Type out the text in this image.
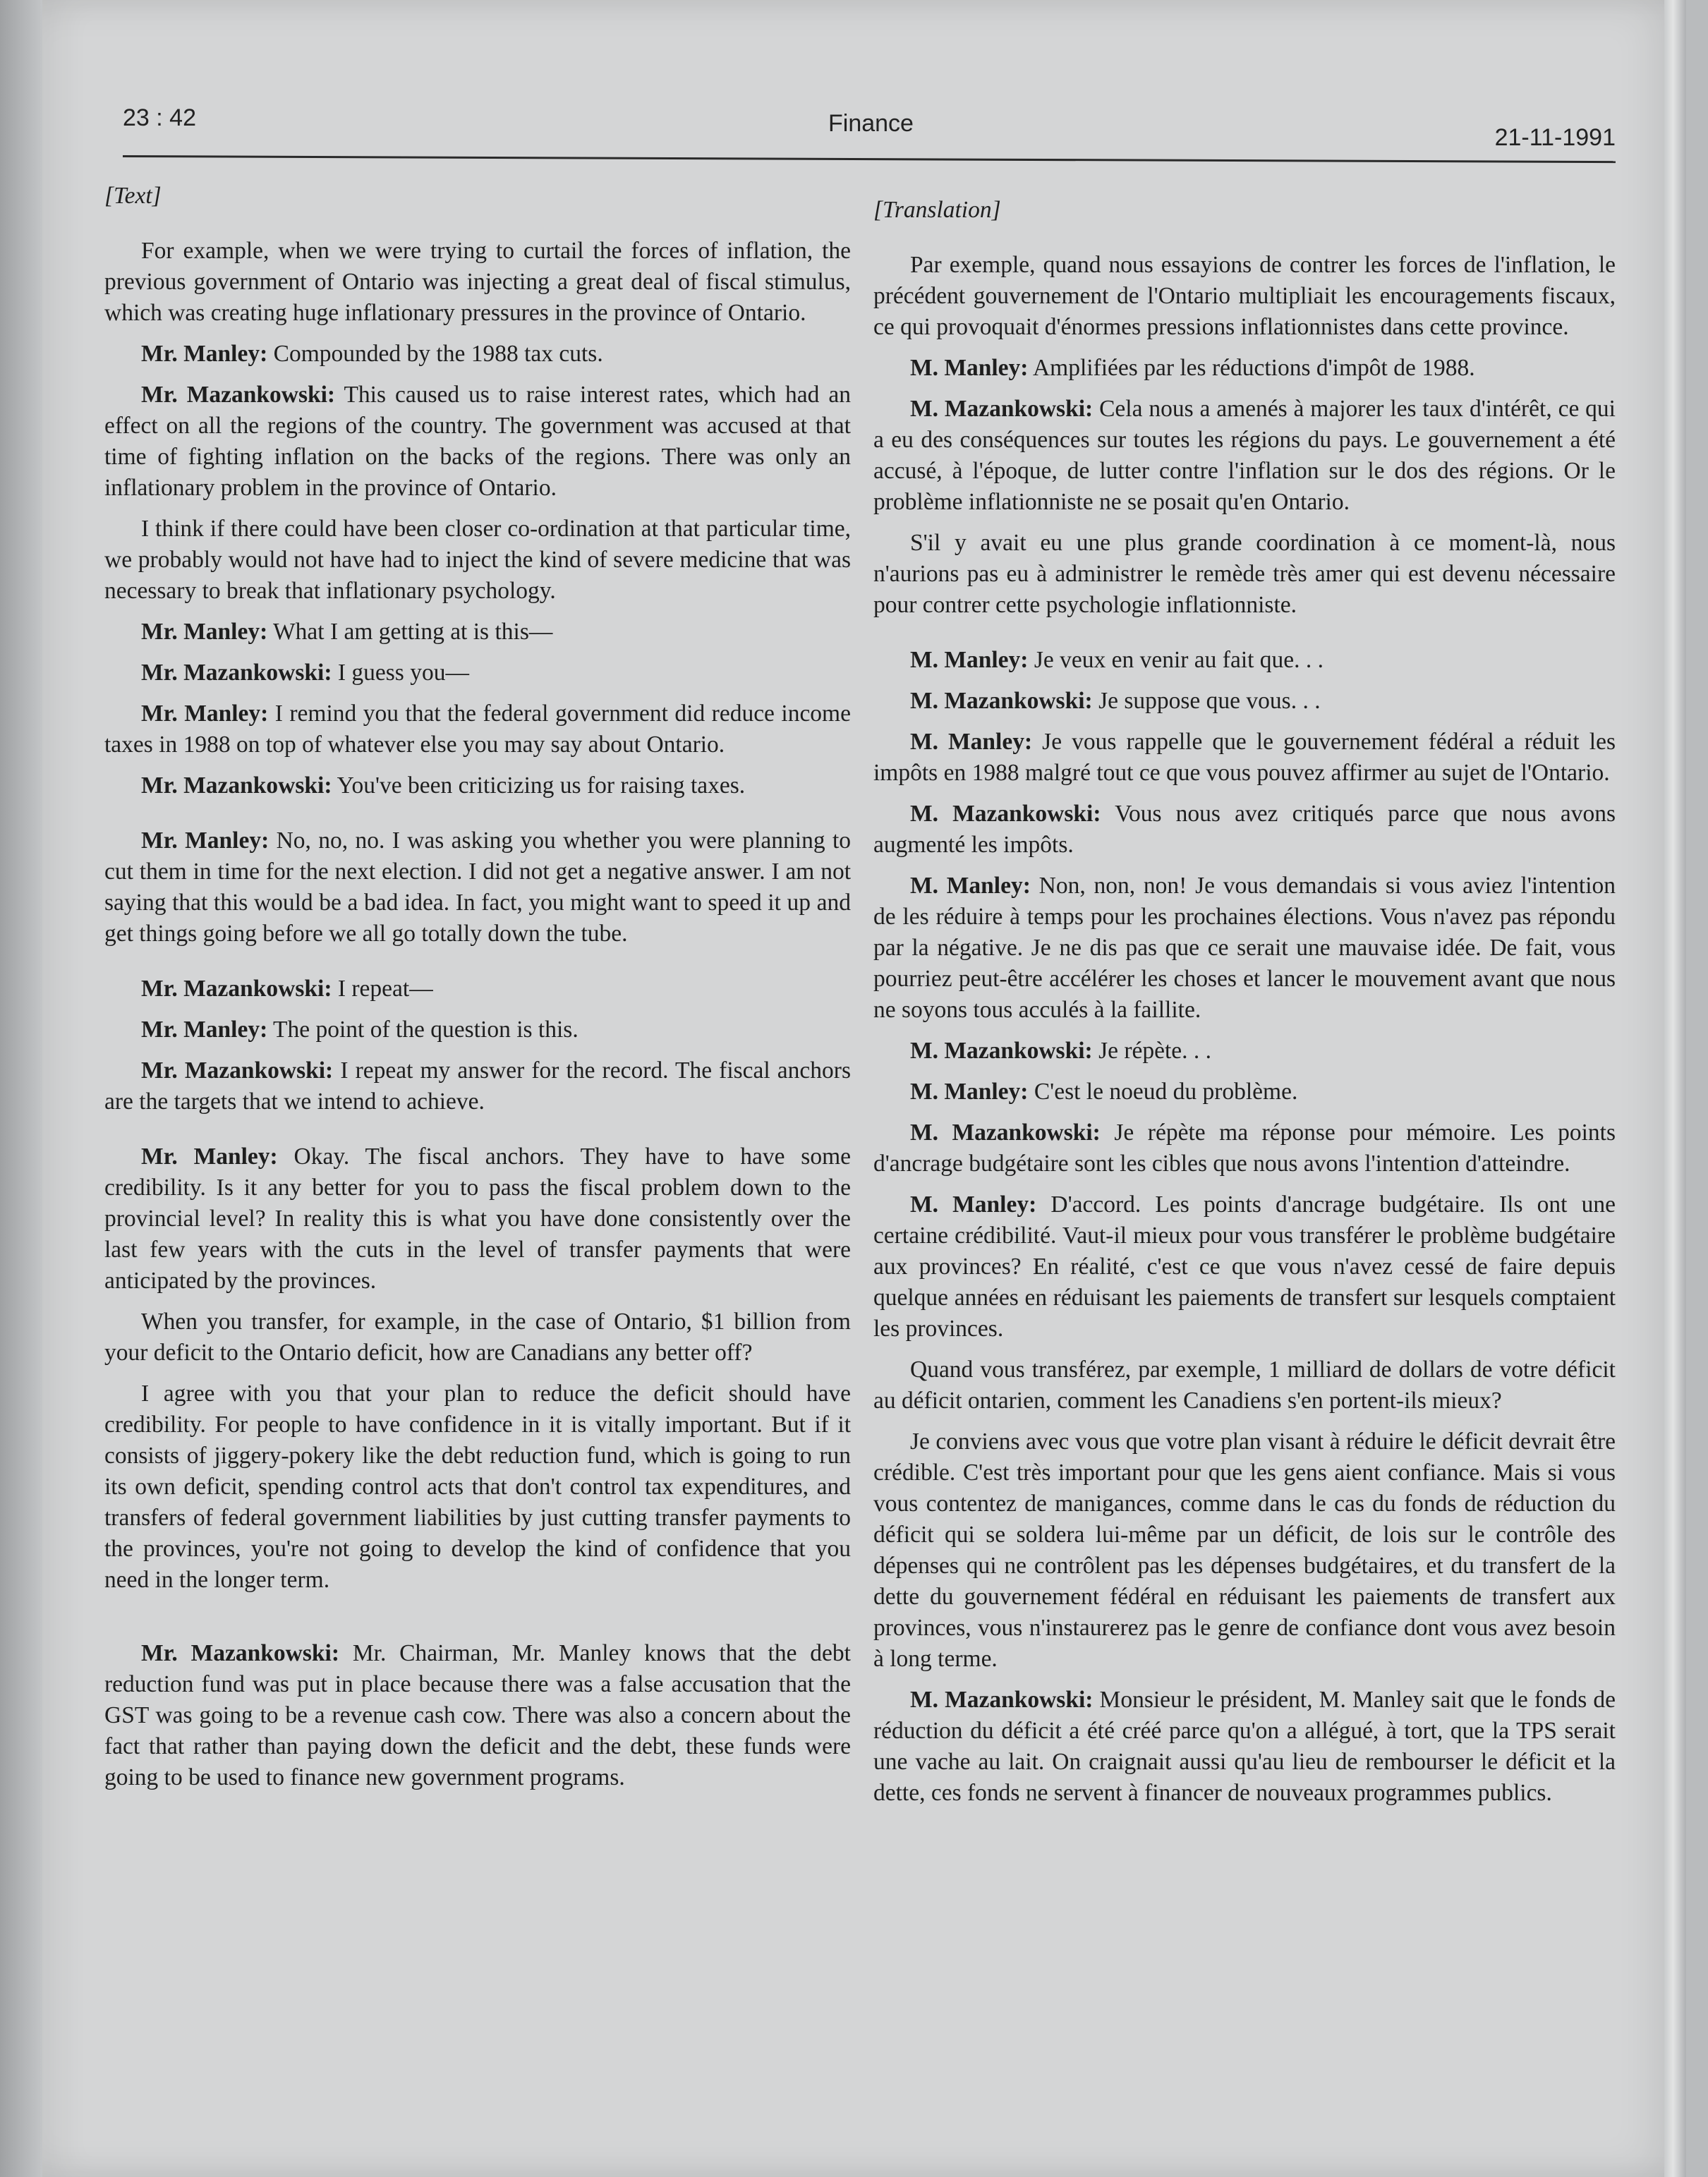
23 : 42	Finance
21-11-1991

[Text]

For example, when we were trying to curtail the forces of inflation, the previous government of Ontario was injecting a great deal of fiscal stimulus, which was creating huge inflationary pressures in the province of Ontario.

Mr. Manley: Compounded by the 1988 tax cuts.

Mr. Mazankowski: This caused us to raise interest rates, which had an effect on all the regions of the country. The government was accused at that time of fighting inflation on the backs of the regions. There was only an inflationary problem in the province of Ontario.

I think if there could have been closer co-ordination at that particular time, we probably would not have had to inject the kind of severe medicine that was necessary to break that inflationary psychology.

Mr. Manley: What I am getting at is this—

Mr. Mazankowski: I guess you—

Mr. Manley: I remind you that the federal government did reduce income taxes in 1988 on top of whatever else you may say about Ontario.

Mr. Mazankowski: You've been criticizing us for raising taxes.

Mr. Manley: No, no, no. I was asking you whether you were planning to cut them in time for the next election. I did not get a negative answer. I am not saying that this would be a bad idea. In fact, you might want to speed it up and get things going before we all go totally down the tube.

Mr. Mazankowski: I repeat—

Mr. Manley: The point of the question is this.

Mr. Mazankowski: I repeat my answer for the record. The fiscal anchors are the targets that we intend to achieve.

Mr. Manley: Okay. The fiscal anchors. They have to have some credibility. Is it any better for you to pass the fiscal problem down to the provincial level? In reality this is what you have done consistently over the last few years with the cuts in the level of transfer payments that were anticipated by the provinces.

When you transfer, for example, in the case of Ontario, $1 billion from your deficit to the Ontario deficit, how are Canadians any better off?

I agree with you that your plan to reduce the deficit should have credibility. For people to have confidence in it is vitally important. But if it consists of jiggery-pokery like the debt reduction fund, which is going to run its own deficit, spending control acts that don't control tax expenditures, and transfers of federal government liabilities by just cutting transfer payments to the provinces, you're not going to develop the kind of confidence that you need in the longer term.

Mr. Mazankowski: Mr. Chairman, Mr. Manley knows that the debt reduction fund was put in place because there was a false accusation that the GST was going to be a revenue cash cow. There was also a concern about the fact that rather than paying down the deficit and the debt, these funds were going to be used to finance new government programs.

[Translation]

Par exemple, quand nous essayions de contrer les forces de l'inflation, le précédent gouvernement de l'Ontario multipliait les encouragements fiscaux, ce qui provoquait d'énormes pressions inflationnistes dans cette province.

M. Manley: Amplifiées par les réductions d'impôt de 1988.

M. Mazankowski: Cela nous a amenés à majorer les taux d'intérêt, ce qui a eu des conséquences sur toutes les régions du pays. Le gouvernement a été accusé, à l'époque, de lutter contre l'inflation sur le dos des régions. Or le problème inflationniste ne se posait qu'en Ontario.

S'il y avait eu une plus grande coordination à ce moment-là, nous n'aurions pas eu à administrer le remède très amer qui est devenu nécessaire pour contrer cette psychologie inflationniste.

M. Manley: Je veux en venir au fait que. . .

M. Mazankowski: Je suppose que vous. . .

M. Manley: Je vous rappelle que le gouvernement fédéral a réduit les impôts en 1988 malgré tout ce que vous pouvez affirmer au sujet de l'Ontario.

M. Mazankowski: Vous nous avez critiqués parce que nous avons augmenté les impôts.

M. Manley: Non, non, non! Je vous demandais si vous aviez l'intention de les réduire à temps pour les prochaines élections. Vous n'avez pas répondu par la négative. Je ne dis pas que ce serait une mauvaise idée. De fait, vous pourriez peut-être accélérer les choses et lancer le mouvement avant que nous ne soyons tous acculés à la faillite.

M. Mazankowski: Je répète. . .

M. Manley: C'est le noeud du problème.

M. Mazankowski: Je répète ma réponse pour mémoire. Les points d'ancrage budgétaire sont les cibles que nous avons l'intention d'atteindre.

M. Manley: D'accord. Les points d'ancrage budgétaire. Ils ont une certaine crédibilité. Vaut-il mieux pour vous transférer le problème budgétaire aux provinces? En réalité, c'est ce que vous n'avez cessé de faire depuis quelque années en réduisant les paiements de transfert sur lesquels comptaient les provinces.

Quand vous transférez, par exemple, 1 milliard de dollars de votre déficit au déficit ontarien, comment les Canadiens s'en portent-ils mieux?

Je conviens avec vous que votre plan visant à réduire le déficit devrait être crédible. C'est très important pour que les gens aient confiance. Mais si vous vous contentez de manigances, comme dans le cas du fonds de réduction du déficit qui se soldera lui-même par un déficit, de lois sur le contrôle des dépenses qui ne contrôlent pas les dépenses budgétaires, et du transfert de la dette du gouvernement fédéral en réduisant les paiements de transfert aux provinces, vous n'instaurerez pas le genre de confiance dont vous avez besoin à long terme.

M. Mazankowski: Monsieur le président, M. Manley sait que le fonds de réduction du déficit a été créé parce qu'on a allégué, à tort, que la TPS serait une vache au lait. On craignait aussi qu'au lieu de rembourser le déficit et la dette, ces fonds ne servent à financer de nouveaux programmes publics.
